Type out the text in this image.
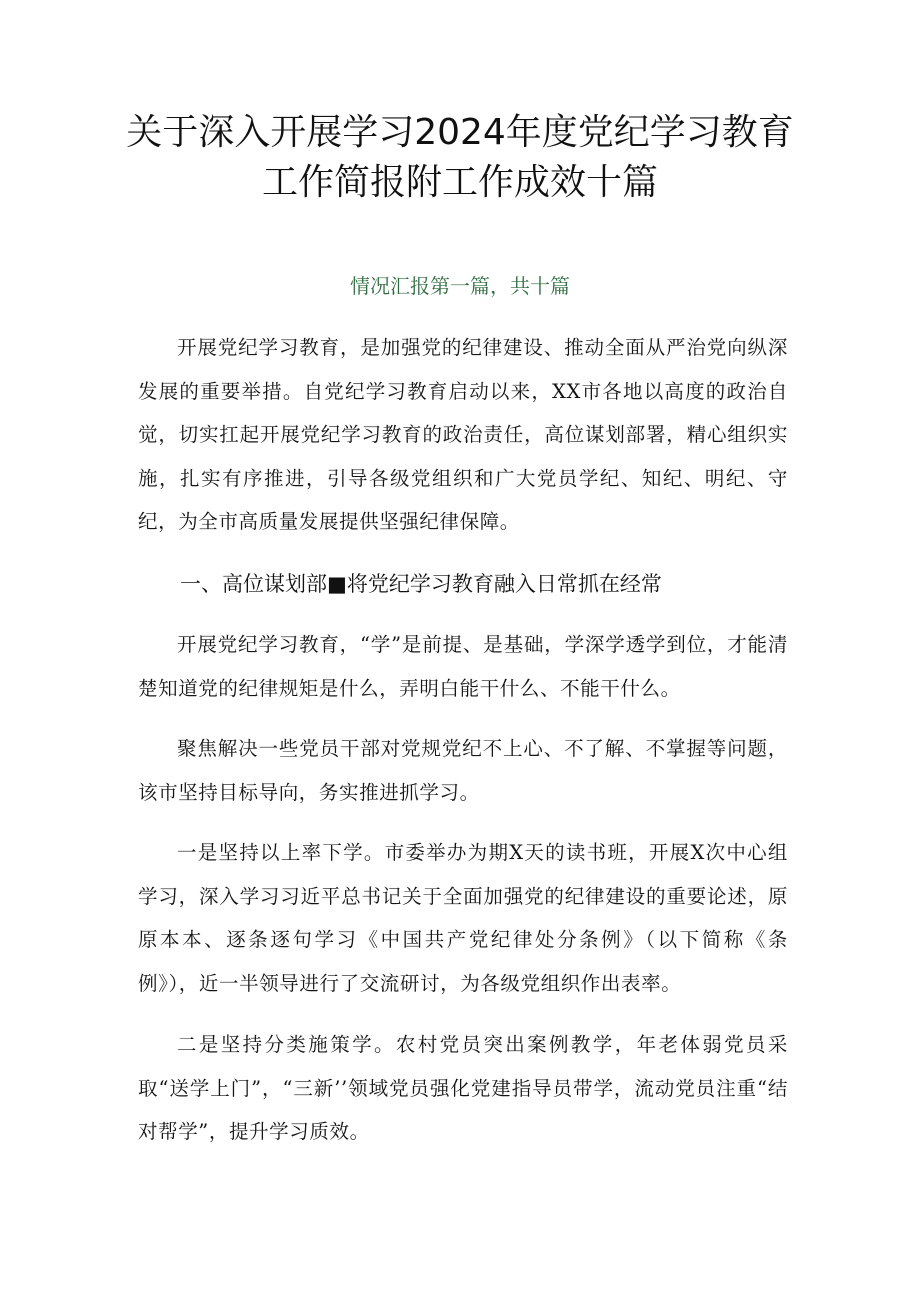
关于深入开展学习2024年度党纪学习教育
工作简报附工作成效十篇

情况汇报第一篇，共十篇

开展党纪学习教育，是加强党的纪律建设、推动全面从严治党向纵深发展的重要举措。自党纪学习教育启动以来，XX市各地以高度的政治自觉，切实扛起开展党纪学习教育的政治责任，高位谋划部署，精心组织实施，扎实有序推进，引导各级党组织和广大党员学纪、知纪、明纪、守纪，为全市高质量发展提供坚强纪律保障。

一、高位谋划部■将党纪学习教育融入日常抓在经常

开展党纪学习教育，“学”是前提、是基础，学深学透学到位，才能清楚知道党的纪律规矩是什么，弄明白能干什么、不能干什么。

聚焦解决一些党员干部对党规党纪不上心、不了解、不掌握等问题，该市坚持目标导向，务实推进抓学习。

一是坚持以上率下学。市委举办为期X天的读书班，开展X次中心组学习，深入学习习近平总书记关于全面加强党的纪律建设的重要论述，原原本本、逐条逐句学习《中国共产党纪律处分条例》（以下简称《条例》），近一半领导进行了交流研讨，为各级党组织作出表率。

二是坚持分类施策学。农村党员突出案例教学，年老体弱党员采取“送学上门”，“三新’’领域党员强化党建指导员带学，流动党员注重“结对帮学”，提升学习质效。
